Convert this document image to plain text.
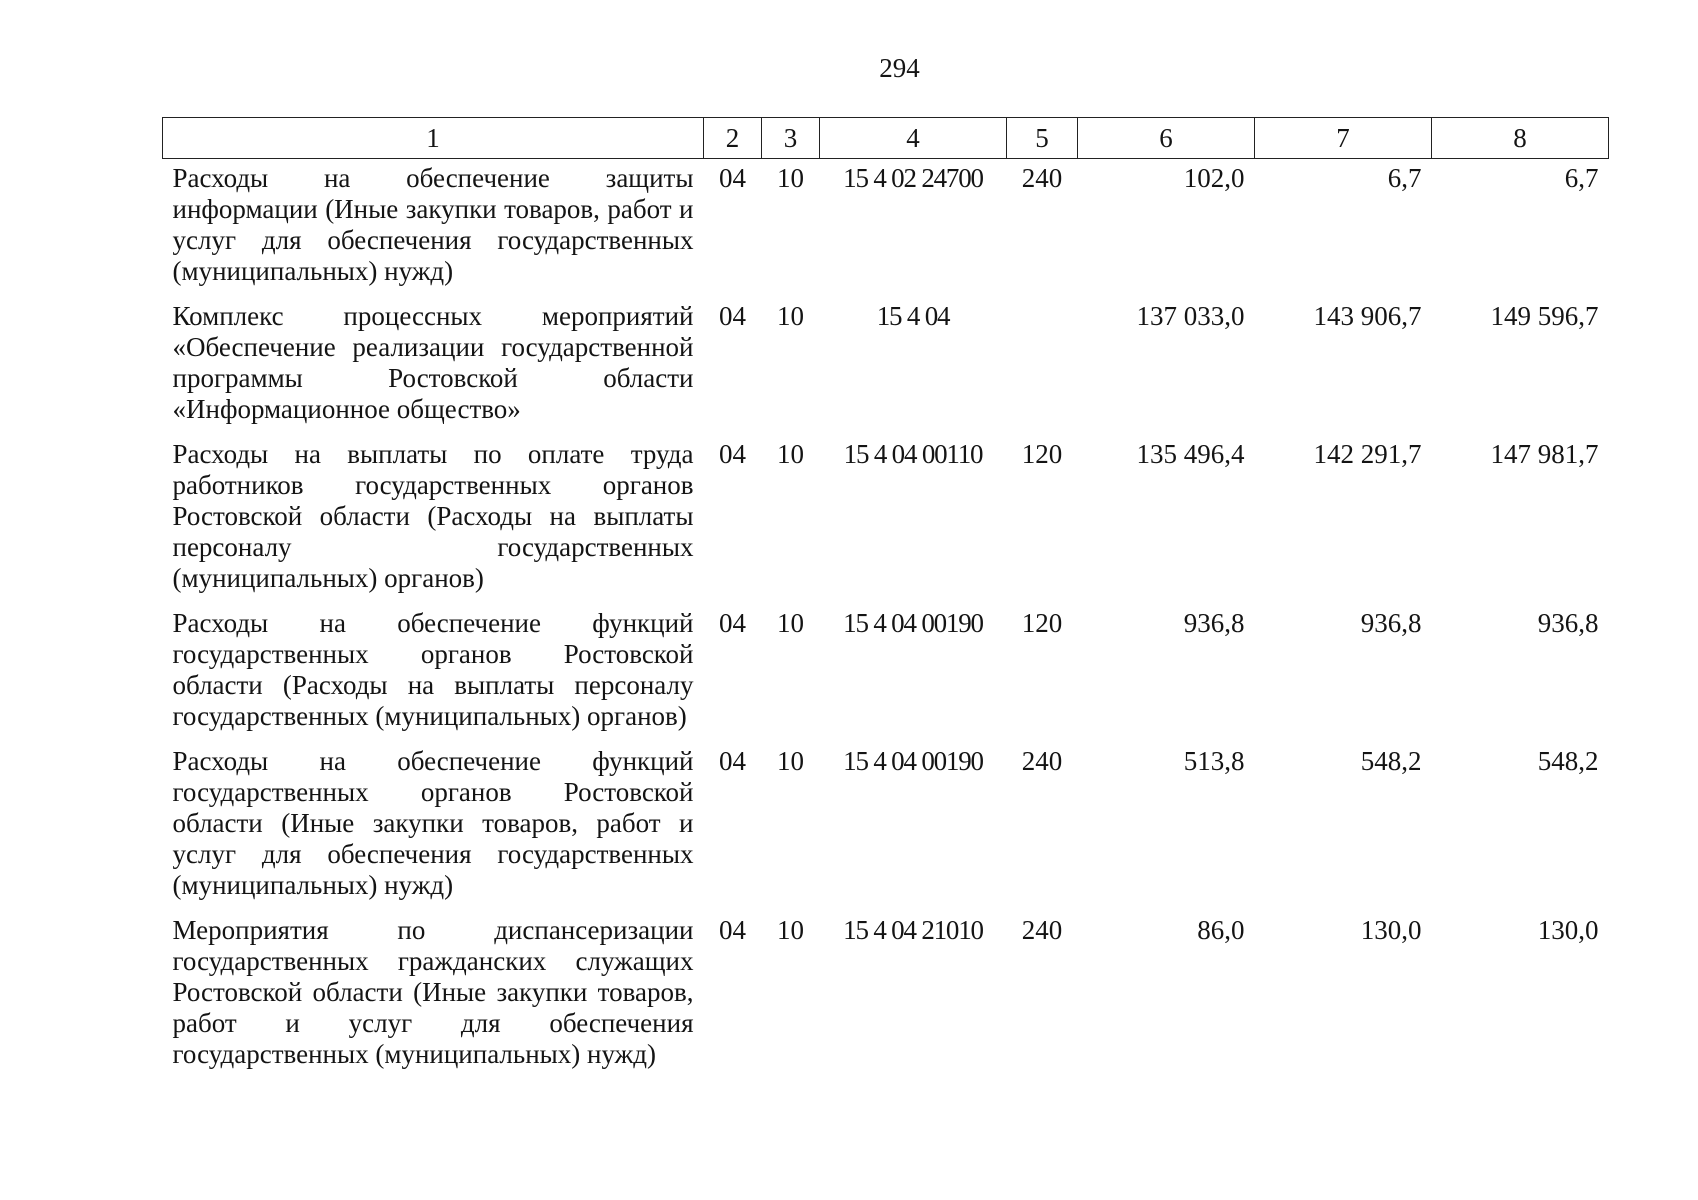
294
1	2	3	4	5	6	7	8
Расходы на обеспечение защиты информации (Иные закупки товаров, работ и услуг для обеспечения государственных (муниципальных) нужд)	04	10	15 4 02 24700	240	102,0	6,7	6,7
Комплекс процессных мероприятий «Обеспечение реализации государственной программы Ростовской области «Информационное общество»	04	10	15 4 04		137 033,0	143 906,7	149 596,7
Расходы на выплаты по оплате труда работников государственных органов Ростовской области (Расходы на выплаты персоналу государственных (муниципальных) органов)	04	10	15 4 04 00110	120	135 496,4	142 291,7	147 981,7
Расходы на обеспечение функций государственных органов Ростовской области (Расходы на выплаты персоналу государственных (муниципальных) органов)	04	10	15 4 04 00190	120	936,8	936,8	936,8
Расходы на обеспечение функций государственных органов Ростовской области (Иные закупки товаров, работ и услуг для обеспечения государственных (муниципальных) нужд)	04	10	15 4 04 00190	240	513,8	548,2	548,2
Мероприятия по диспансеризации государственных гражданских служащих Ростовской области (Иные закупки товаров, работ и услуг для обеспечения государственных (муниципальных) нужд)	04	10	15 4 04 21010	240	86,0	130,0	130,0
